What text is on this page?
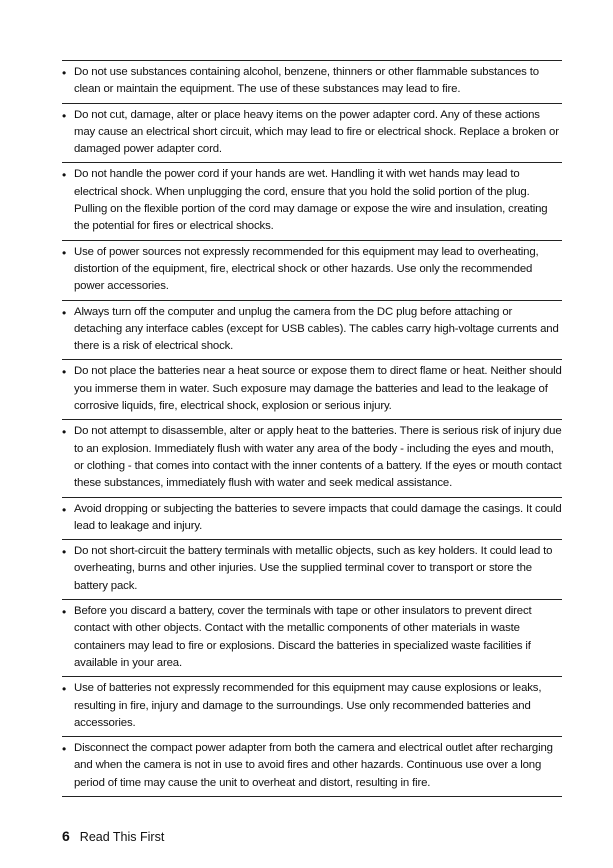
• Do not use substances containing alcohol, benzene, thinners or other flammable substances to clean or maintain the equipment. The use of these substances may lead to fire.
• Do not cut, damage, alter or place heavy items on the power adapter cord. Any of these actions may cause an electrical short circuit, which may lead to fire or electrical shock. Replace a broken or damaged power adapter cord.
• Do not handle the power cord if your hands are wet. Handling it with wet hands may lead to electrical shock. When unplugging the cord, ensure that you hold the solid portion of the plug. Pulling on the flexible portion of the cord may damage or expose the wire and insulation, creating the potential for fires or electrical shocks.
• Use of power sources not expressly recommended for this equipment may lead to overheating, distortion of the equipment, fire, electrical shock or other hazards. Use only the recommended power accessories.
• Always turn off the computer and unplug the camera from the DC plug before attaching or detaching any interface cables (except for USB cables). The cables carry high-voltage currents and there is a risk of electrical shock.
• Do not place the batteries near a heat source or expose them to direct flame or heat. Neither should you immerse them in water. Such exposure may damage the batteries and lead to the leakage of corrosive liquids, fire, electrical shock, explosion or serious injury.
• Do not attempt to disassemble, alter or apply heat to the batteries. There is serious risk of injury due to an explosion. Immediately flush with water any area of the body - including the eyes and mouth, or clothing - that comes into contact with the inner contents of a battery. If the eyes or mouth contact these substances, immediately flush with water and seek medical assistance.
• Avoid dropping or subjecting the batteries to severe impacts that could damage the casings. It could lead to leakage and injury.
• Do not short-circuit the battery terminals with metallic objects, such as key holders. It could lead to overheating, burns and other injuries. Use the supplied terminal cover to transport or store the battery pack.
• Before you discard a battery, cover the terminals with tape or other insulators to prevent direct contact with other objects. Contact with the metallic components of other materials in waste containers may lead to fire or explosions. Discard the batteries in specialized waste facilities if available in your area.
• Use of batteries not expressly recommended for this equipment may cause explosions or leaks, resulting in fire, injury and damage to the surroundings. Use only recommended batteries and accessories.
• Disconnect the compact power adapter from both the camera and electrical outlet after recharging and when the camera is not in use to avoid fires and other hazards. Continuous use over a long period of time may cause the unit to overheat and distort, resulting in fire.
6 Read This First
